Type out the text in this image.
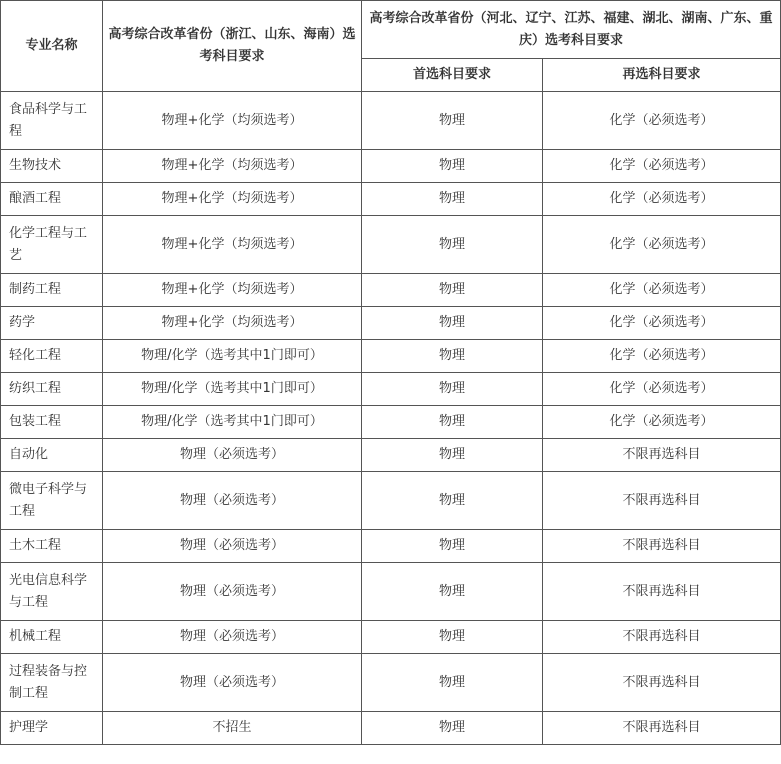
专业名称	高考综合改革省份（浙江、山东、海南）选考科目要求	高考综合改革省份（河北、辽宁、江苏、福建、湖北、湖南、广东、重庆）选考科目要求	
		首选科目要求	再选科目要求
食品科学与工程	物理+化学（均须选考）	物理	化学（必须选考）
生物技术	物理+化学（均须选考）	物理	化学（必须选考）
酿酒工程	物理+化学（均须选考）	物理	化学（必须选考）
化学工程与工艺	物理+化学（均须选考）	物理	化学（必须选考）
制药工程	物理+化学（均须选考）	物理	化学（必须选考）
药学	物理+化学（均须选考）	物理	化学（必须选考）
轻化工程	物理/化学（选考其中1门即可）	物理	化学（必须选考）
纺织工程	物理/化学（选考其中1门即可）	物理	化学（必须选考）
包装工程	物理/化学（选考其中1门即可）	物理	化学（必须选考）
自动化	物理（必须选考）	物理	不限再选科目
微电子科学与工程	物理（必须选考）	物理	不限再选科目
土木工程	物理（必须选考）	物理	不限再选科目
光电信息科学与工程	物理（必须选考）	物理	不限再选科目
机械工程	物理（必须选考）	物理	不限再选科目
过程装备与控制工程	物理（必须选考）	物理	不限再选科目
护理学	不招生	物理	不限再选科目
